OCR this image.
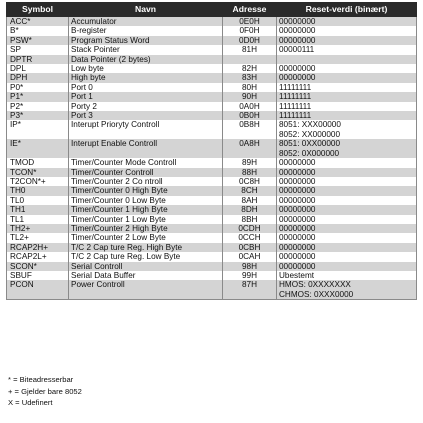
Symbol	Navn	Adresse	Reset-verdi (binært)
ACC*	Accumulator	0E0H	00000000
B*	B-register	0F0H	00000000
PSW*	Program Status Word	0D0H	00000000
SP	Stack Pointer	81H	00000111
DPTR	Data Pointer (2 bytes)		
DPL	Low byte	82H	00000000
DPH	High byte	83H	00000000
P0*	Port 0	80H	11111111
P1*	Port 1	90H	11111111
P2*	Porty 2	0A0H	11111111
P3*	Port 3	0B0H	11111111
IP*	Interupt Prioryty Controll	0B8H	8051: XXX00000
			8052: XX000000
IE*	Interupt Enable Controll	0A8H	8051: 0XX00000
			8052: 0X000000
TMOD	Timer/Counter Mode Controll	89H	00000000
TCON*	Timer/Counter Controll	88H	00000000
T2CON*+	Timer/Counter 2 Co ntroll	0C8H	00000000
TH0	Timer/Counter 0 High Byte	8CH	00000000
TL0	Timer/Counter 0 Low Byte	8AH	00000000
TH1	Timer/Counter 1 High Byte	8DH	00000000
TL1	Timer/Counter 1 Low Byte	8BH	00000000
TH2+	Timer/Counter 2 High Byte	0CDH	00000000
TL2+	Timer/Counter 2 Low Byte	0CCH	00000000
RCAP2H+	T/C 2 Cap ture Reg. High Byte	0CBH	00000000
RCAP2L+	T/C 2 Cap ture Reg. Low Byte	0CAH	00000000
SCON*	Serial Controll	98H	00000000
SBUF	Serial Data Buffer	99H	Ubestemt
PCON	Power Controll	87H	HMOS: 0XXXXXXX
			CHMOS: 0XXX0000
* = Biteadresserbar
+ = Gjelder bare 8052
X = Udefinert
